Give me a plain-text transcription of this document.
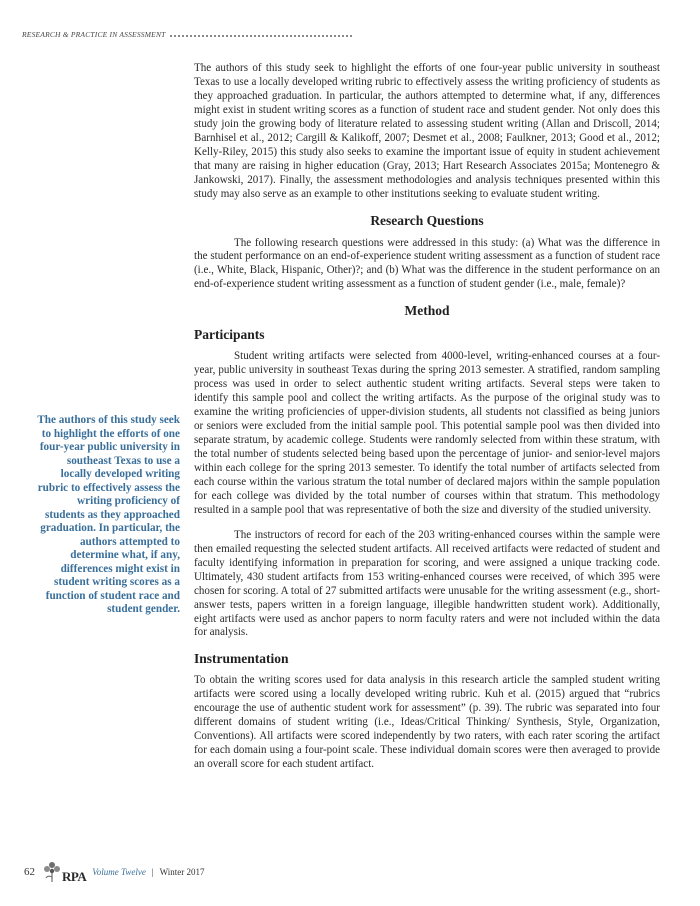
RESEARCH & PRACTICE IN ASSESSMENT

The authors of this study seek to highlight the efforts of one four-year public university in southeast Texas to use a locally developed writing rubric to effectively assess the writing proficiency of students as they approached graduation. In particular, the authors attempted to determine what, if any, differences might exist in student writing scores as a function of student race and student gender. Not only does this study join the growing body of literature related to assessing student writing (Allan and Driscoll, 2014; Barnhisel et al., 2012; Cargill & Kalikoff, 2007; Desmet et al., 2008; Faulkner, 2013; Good et al., 2012; Kelly-Riley, 2015) this study also seeks to examine the important issue of equity in student achievement that many are raising in higher education (Gray, 2013; Hart Research Associates 2015a; Montenegro & Jankowski, 2017). Finally, the assessment methodologies and analysis techniques presented within this study may also serve as an example to other institutions seeking to evaluate student writing.

Research Questions

The following research questions were addressed in this study: (a) What was the difference in the student performance on an end-of-experience student writing assessment as a function of student race (i.e., White, Black, Hispanic, Other)?; and (b) What was the difference in the student performance on an end-of-experience student writing assessment as a function of student gender (i.e., male, female)?

Method
Participants

Student writing artifacts were selected from 4000-level, writing-enhanced courses at a four-year, public university in southeast Texas during the spring 2013 semester. A stratified, random sampling process was used in order to select authentic student writing artifacts. Several steps were taken to identify this sample pool and collect the writing artifacts. As the purpose of the original study was to examine the writing proficiencies of upper-division students, all students not classified as being juniors or seniors were excluded from the initial sample pool. This potential sample pool was then divided into separate stratum, by academic college. Students were randomly selected from within these stratum, with the total number of students selected being based upon the percentage of junior- and senior-level majors within each college for the spring 2013 semester. To identify the total number of artifacts selected from each course within the various stratum the total number of declared majors within the sample population for each college was divided by the total number of courses within that stratum. This methodology resulted in a sample pool that was representative of both the size and diversity of the studied university.

The instructors of record for each of the 203 writing-enhanced courses within the sample were then emailed requesting the selected student artifacts. All received artifacts were redacted of student and faculty identifying information in preparation for scoring, and were assigned a unique tracking code. Ultimately, 430 student artifacts from 153 writing-enhanced courses were received, of which 395 were chosen for scoring. A total of 27 submitted artifacts were unusable for the writing assessment (e.g., short-answer tests, papers written in a foreign language, illegible handwritten student work). Additionally, eight artifacts were used as anchor papers to norm faculty raters and were not included within the data for analysis.

Instrumentation

To obtain the writing scores used for data analysis in this research article the sampled student writing artifacts were scored using a locally developed writing rubric. Kuh et al. (2015) argued that “rubrics encourage the use of authentic student work for assessment” (p. 39). The rubric was separated into four different domains of student writing (i.e., Ideas/Critical Thinking/ Synthesis, Style, Organization, Conventions). All artifacts were scored independently by two raters, with each rater scoring the artifact for each domain using a four-point scale. These individual domain scores were then averaged to provide an overall score for each student artifact.

The authors of this study seek to highlight the efforts of one four-year public university in southeast Texas to use a locally developed writing rubric to effectively assess the writing proficiency of students as they approached graduation. In particular, the authors attempted to determine what, if any, differences might exist in student writing scores as a function of student race and student gender.
62 RPA Volume Twelve | Winter 2017
